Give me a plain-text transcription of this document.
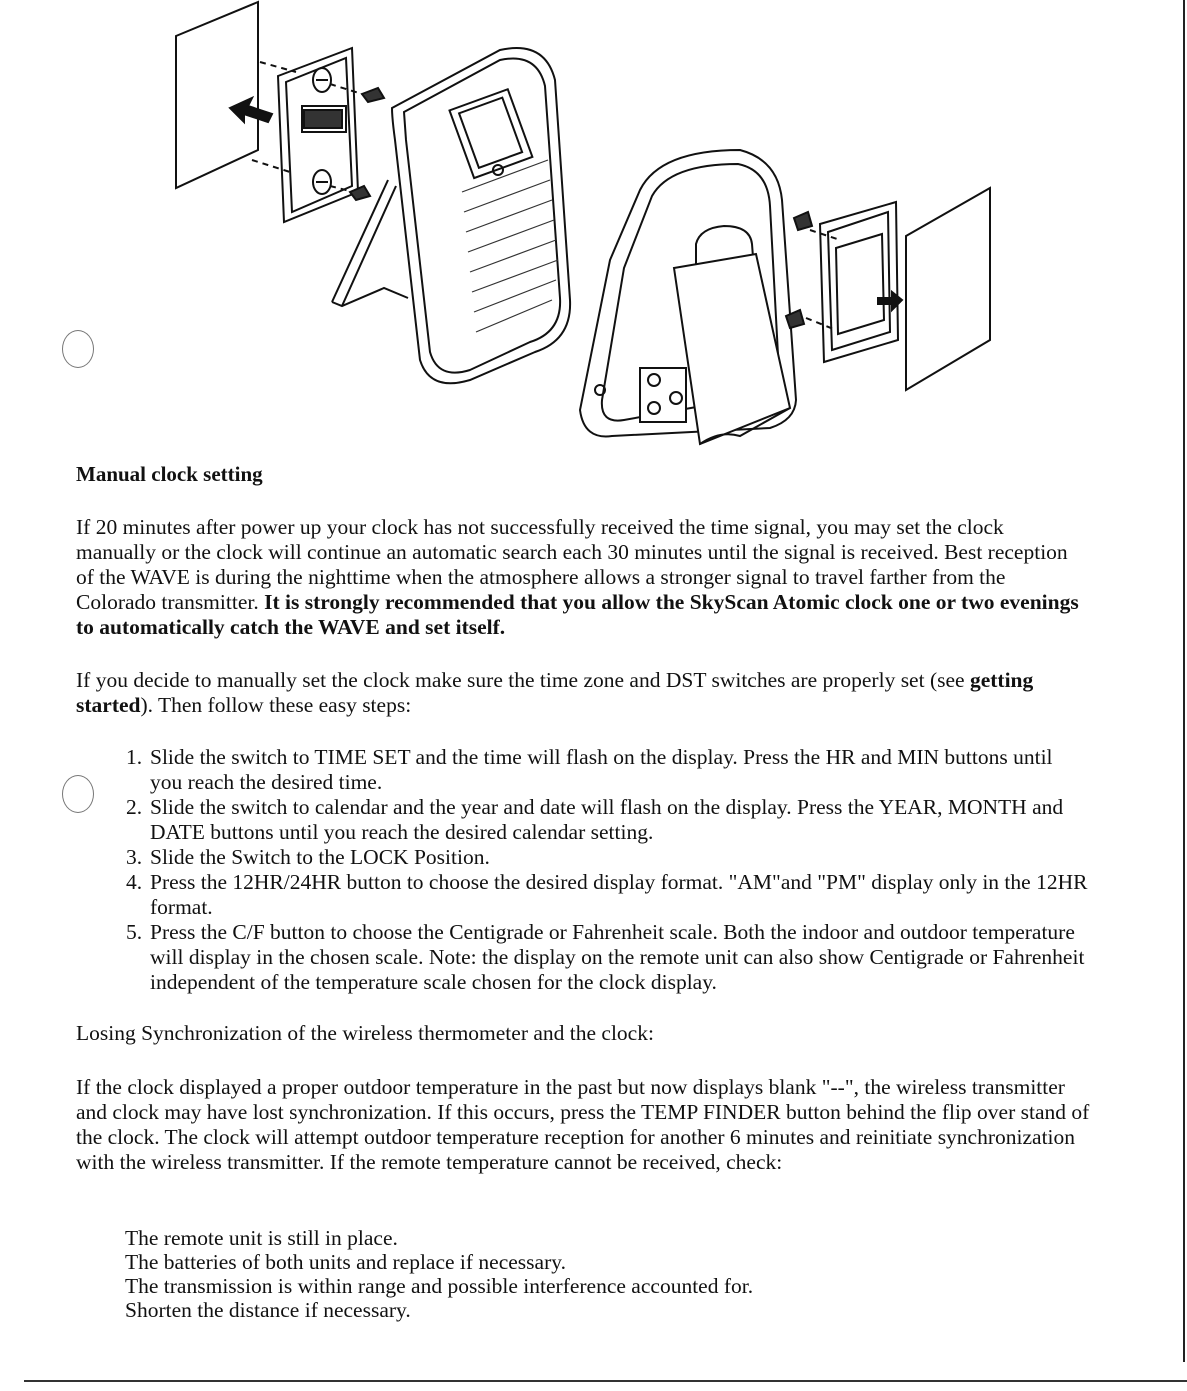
Manual clock setting
If 20 minutes after power up your clock has not successfully received the time signal, you may set the clock manually or the clock will continue an automatic search each 30 minutes until the signal is received. Best reception of the WAVE is during the nighttime when the atmosphere allows a stronger signal to travel farther from the Colorado transmitter. It is strongly recommended that you allow the SkyScan Atomic clock one or two evenings to automatically catch the WAVE and set itself.
If you decide to manually set the clock make sure the time zone and DST switches are properly set (see getting started). Then follow these easy steps:
1. Slide the switch to TIME SET and the time will flash on the display. Press the HR and MIN buttons until you reach the desired time.
2. Slide the switch to calendar and the year and date will flash on the display. Press the YEAR, MONTH and DATE buttons until you reach the desired calendar setting.
3. Slide the Switch to the LOCK Position.
4. Press the 12HR/24HR button to choose the desired display format. "AM"and "PM" display only in the 12HR format.
5. Press the C/F button to choose the Centigrade or Fahrenheit scale. Both the indoor and outdoor temperature will display in the chosen scale. Note: the display on the remote unit can also show Centigrade or Fahrenheit independent of the temperature scale chosen for the clock display.
Losing Synchronization of the wireless thermometer and the clock:
If the clock displayed a proper outdoor temperature in the past but now displays blank "--", the wireless transmitter and clock may have lost synchronization. If this occurs, press the TEMP FINDER button behind the flip over stand of the clock. The clock will attempt outdoor temperature reception for another 6 minutes and reinitiate synchronization with the wireless transmitter. If the remote temperature cannot be received, check:
The remote unit is still in place.
The batteries of both units and replace if necessary.
The transmission is within range and possible interference accounted for.
Shorten the distance if necessary.
